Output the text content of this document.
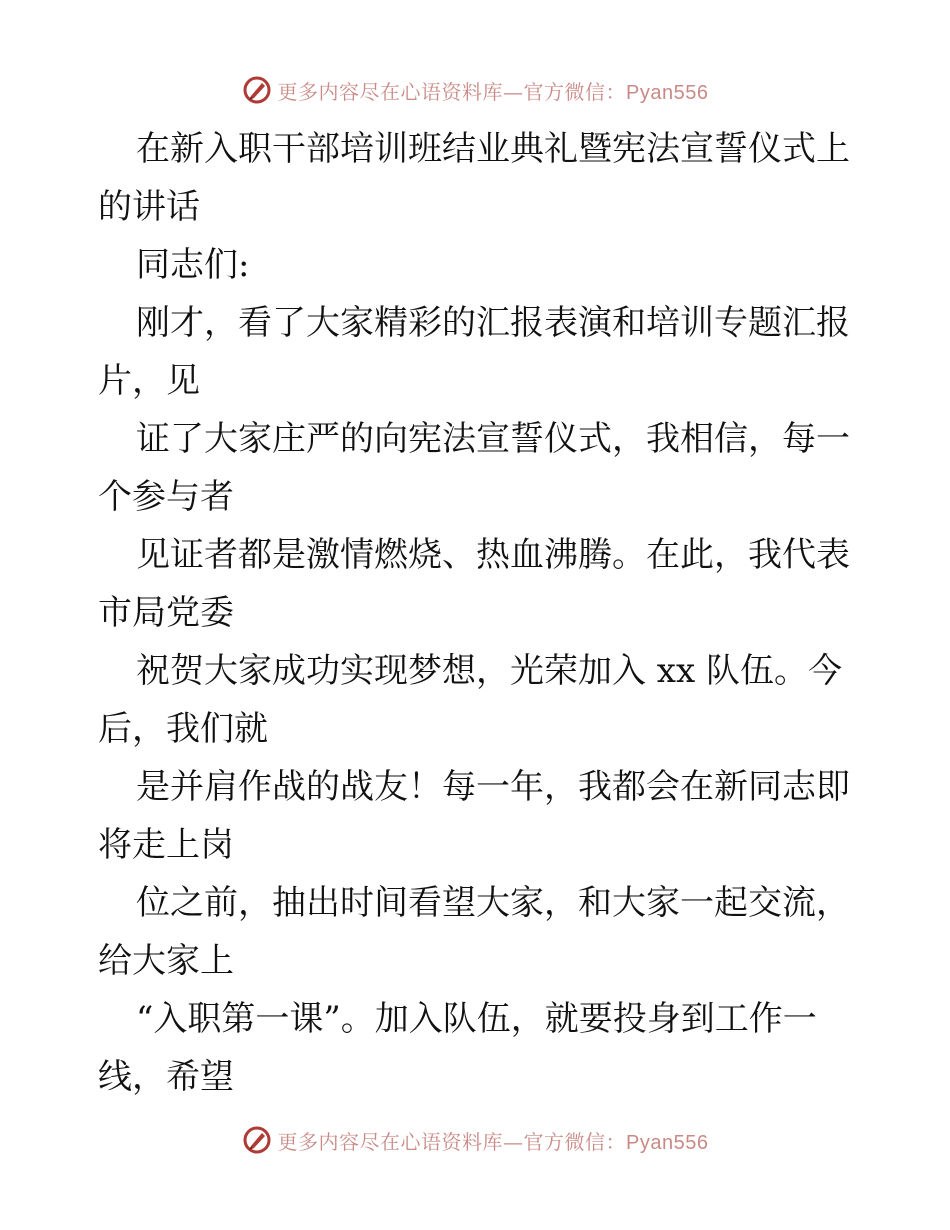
更多内容尽在心语资料库—官方微信：Pyan556
在新入职干部培训班结业典礼暨宪法宣誓仪式上
的讲话
同志们:
刚才，看了大家精彩的汇报表演和培训专题汇报
片，见
证了大家庄严的向宪法宣誓仪式，我相信，每一
个参与者
见证者都是激情燃烧、热血沸腾。在此，我代表
市局党委
祝贺大家成功实现梦想，光荣加入 xx 队伍。今
后，我们就
是并肩作战的战友！每一年，我都会在新同志即
将走上岗
位之前，抽出时间看望大家，和大家一起交流，
给大家上
“入职第一课”。加入队伍，就要投身到工作一
线，希望
更多内容尽在心语资料库—官方微信：Pyan556
